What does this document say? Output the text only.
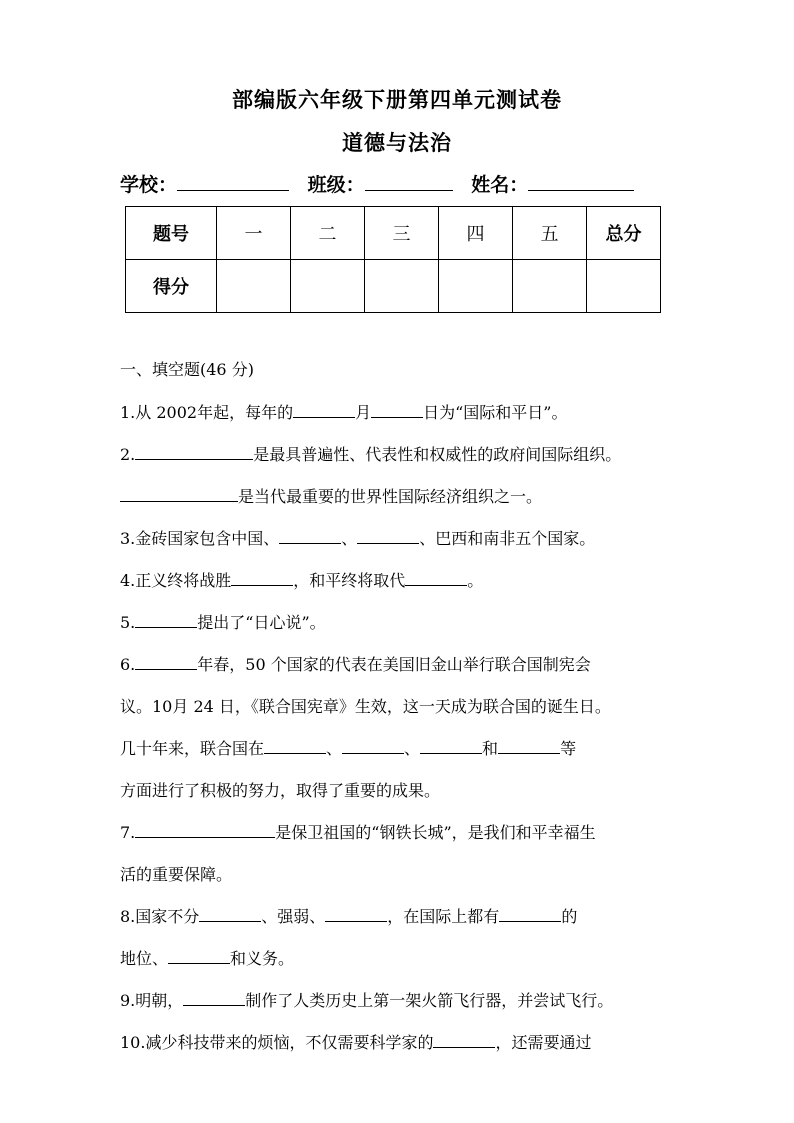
部编版六年级下册第四单元测试卷
道德与法治
学校：	班级：	姓名：
题号	一	二	三	四	五	总分
得分						
一、填空题(46 分)
1.从 2002年起，每年的	月	日为“国际和平日”。
2.	是最具普遍性、代表性和权威性的政府间国际组织。
是当代最重要的世界性国际经济组织之一。
3.金砖国家包含中国、	、	、巴西和南非五个国家。
4.正义终将战胜	，和平终将取代	。
5.	提出了“日心说”。
6.	年春，50 个国家的代表在美国旧金山举行联合国制宪会
议。10月 24 日，《联合国宪章》生效，这一天成为联合国的诞生日。
几十年来，联合国在	、	、	和	等
方面进行了积极的努力，取得了重要的成果。
7.	是保卫祖国的“钢铁长城”，是我们和平幸福生
活的重要保障。
8.国家不分	、强弱、	，在国际上都有	的
地位、	和义务。
9.明朝，	制作了人类历史上第一架火箭飞行器，并尝试飞行。
10.减少科技带来的烦恼，不仅需要科学家的	，还需要通过
